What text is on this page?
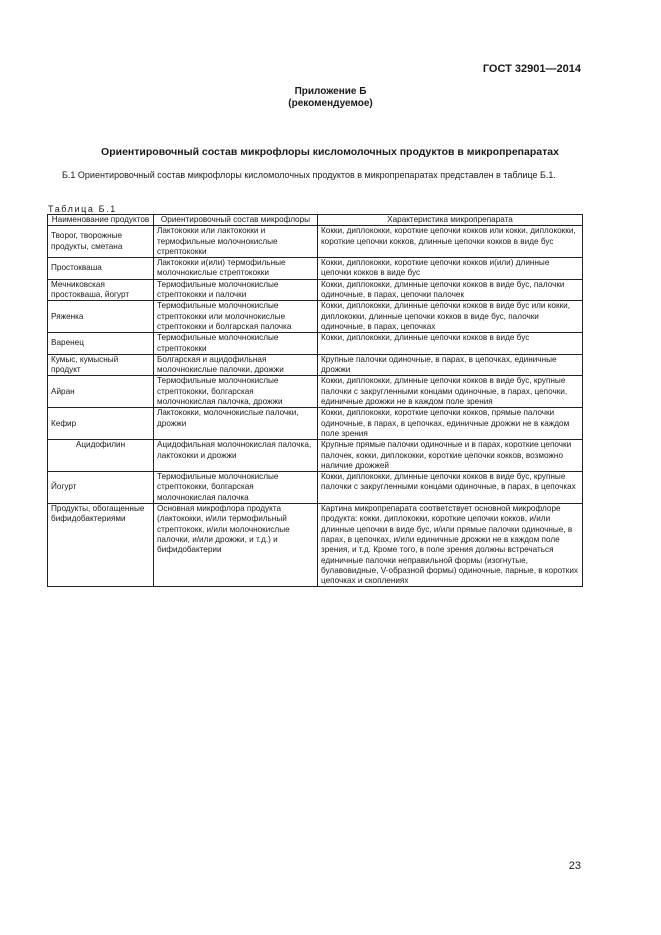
ГОСТ 32901—2014
Приложение Б
(рекомендуемое)
Ориентировочный состав микрофлоры кисломолочных продуктов в микропрепаратах
Б.1 Ориентировочный состав микрофлоры кисломолочных продуктов в микропрепаратах представлен в таблице Б.1.
Таблица Б.1
Наименование продуктов	Ориентировочный состав микрофлоры	Характеристика микропрепарата
Творог, творожные продукты, сметана	Лактококки или лактококки и термофильные молочнокислые стрептококки	Кокки, диплококки, короткие цепочки кокков или кокки, диплококки, короткие цепочки кокков, длинные цепочки кокков в виде бус
Простокваша	Лактококки и(или) термофильные молочнокислые стрептококки	Кокки, диплококки, короткие цепочки кокков и(или) длинные цепочки кокков в виде бус
Мечниковская простокваша, йогурт	Термофильные молочнокислые стрептококки и палочки	Кокки, диплококки, длинные цепочки кокков в виде бус, палочки одиночные, в парах, цепочки палочек
Ряженка	Термофильные молочнокислые стрептококки или молочнокислые стрептококки и болгарская палочка	Кокки, диплококки, длинные цепочки кокков в виде бус или кокки, диплококки, длинные цепочки кокков в виде бус, палочки одиночные, в парах, цепочках
Варенец	Термофильные молочнокислые стрептококки	Кокки, диплококки, длинные цепочки кокков в виде бус
Кумыс, кумысный продукт	Болгарская и ацидофильная молочнокислые палочки, дрожжи	Крупные палочки одиночные, в парах, в цепочках, единичные дрожжи
Айран	Термофильные молочнокислые стрептококки, болгарская молочнокислая палочка, дрожжи	Кокки, диплококки, длинные цепочки кокков в виде бус, крупные палочки с закругленными концами одиночные, в парах, цепочки, единичные дрожжи не в каждом поле зрения
Кефир	Лактококки, молочнокислые палочки, дрожжи	Кокки, диплококки, короткие цепочки кокков, прямые палочки одиночные, в парах, в цепочках, единичные дрожжи не в каждом поле зрения
Ацидофилин	Ацидофильная молочнокислая палочка, лактококки и дрожжи	Крупные прямые палочки одиночные и в парах, короткие цепочки палочек, кокки, диплококки, короткие цепочки кокков, возможно наличие дрожжей
Йогурт	Термофильные молочнокислые стрептококки, болгарская молочнокислая палочка	Кокки, диплококки, длинные цепочки кокков в виде бус, крупные палочки с закругленными концами одиночные, в парах, в цепочках
Продукты, обогащенные бифидобактериями	Основная микрофлора продукта (лактококки, и/или термофильный стрептококк, и/или молочнокислые палочки, и/или дрожжи, и т.д.) и бифидобактерии	Картина микропрепарата соответствует основной микрофлоре продукта: кокки, диплококки, короткие цепочки кокков, и/или длинные цепочки в виде бус, и/или прямые палочки одиночные, в парах, в цепочках, и/или единичные дрожжи не в каждом поле зрения, и т.д. Кроме того, в поле зрения должны встречаться единичные палочки неправильной формы (изогнутые, булавовидные, V-образной формы) одиночные, парные, в коротких цепочках и скоплениях
23
